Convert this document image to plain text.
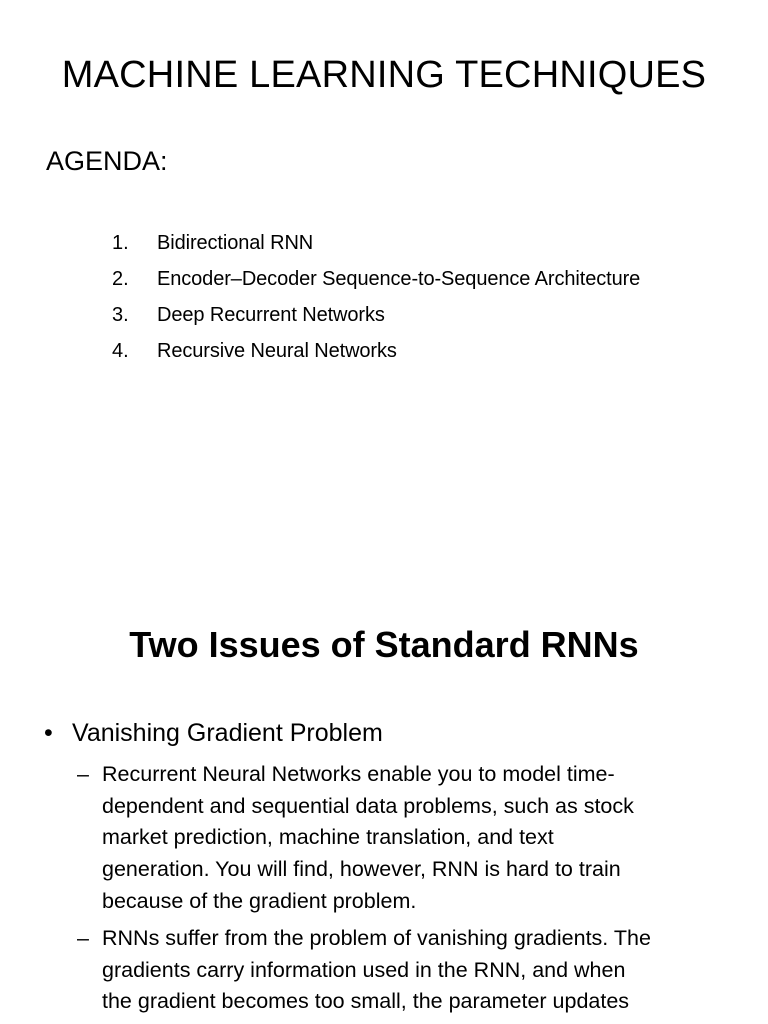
MACHINE LEARNING TECHNIQUES
AGENDA:
1. Bidirectional RNN
2. Encoder–Decoder Sequence-to-Sequence Architecture
3. Deep Recurrent Networks
4. Recursive Neural Networks
Two Issues of Standard RNNs
• Vanishing Gradient Problem
– Recurrent Neural Networks enable you to model time-
dependent and sequential data problems, such as stock
market prediction, machine translation, and text
generation. You will find, however, RNN is hard to train
because of the gradient problem.
– RNNs suffer from the problem of vanishing gradients. The
gradients carry information used in the RNN, and when
the gradient becomes too small, the parameter updates
